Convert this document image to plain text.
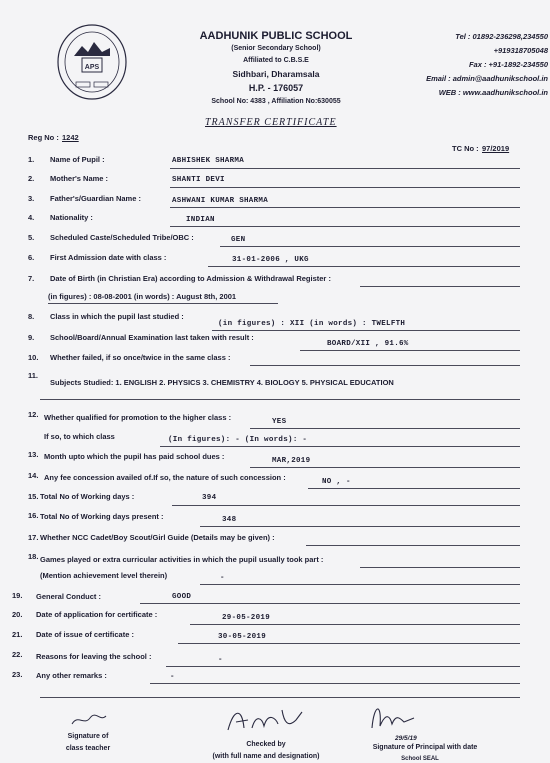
APS
AADHUNIK PUBLIC SCHOOL
(Senior Secondary School)
Affiliated to C.B.S.E
Sidhbari, Dharamsala
H.P. - 176057
School No: 4383 , Affiliation No:630055
Tel : 01892-236298,234550
+919318705048
Fax : +91-1892-234550
Email : admin@aadhunikschool.in
WEB : www.aadhunikschool.in
TRANSFER CERTIFICATE
Reg No : 1242
TC No : 97/2019
1. Name of Pupil :	ABHISHEK SHARMA
2. Mother's Name :	SHANTI DEVI
3. Father's/Guardian Name :	ASHWANI KUMAR SHARMA
4. Nationality :	INDIAN
5. Scheduled Caste/Scheduled Tribe/OBC :	GEN
6. First Admission date with class :	31-01-2006 , UKG
7. Date of Birth (in Christian Era) according to Admission & Withdrawal Register :
(in figures) : 08-08-2001 (in words) : August 8th, 2001
8. Class in which the pupil last studied :
(in figures) : XII (in words) : TWELFTH
9. School/Board/Annual Examination last taken with result :
BOARD/XII , 91.6%
10. Whether failed, if so once/twice in the same class :
11.
Subjects Studied: 1. ENGLISH 2. PHYSICS 3. CHEMISTRY 4. BIOLOGY 5. PHYSICAL EDUCATION
12. Whether qualified for promotion to the higher class :	YES
If so, to which class	(In figures): - (In words): -
13. Month upto which the pupil has paid school dues :	MAR,2019
14. Any fee concession availed of.If so, the nature of such concession :	NO , -
15. Total No of Working days :	394
16. Total No of Working days present :	348
17. Whether NCC Cadet/Boy Scout/Girl Guide (Details may be given) :
18. Games played or extra curricular activities in which the pupil usually took part :
(Mention achievement level therein)	-
19. General Conduct :	GOOD
20. Date of application for certificate :	29-05-2019
21. Date of issue of certificate :	30-05-2019
22. Reasons for leaving the school :	-
23. Any other remarks :	-
Signature of
class teacher
Checked by
(with full name and designation)
29/5/19
Signature of Principal with date
School SEAL
